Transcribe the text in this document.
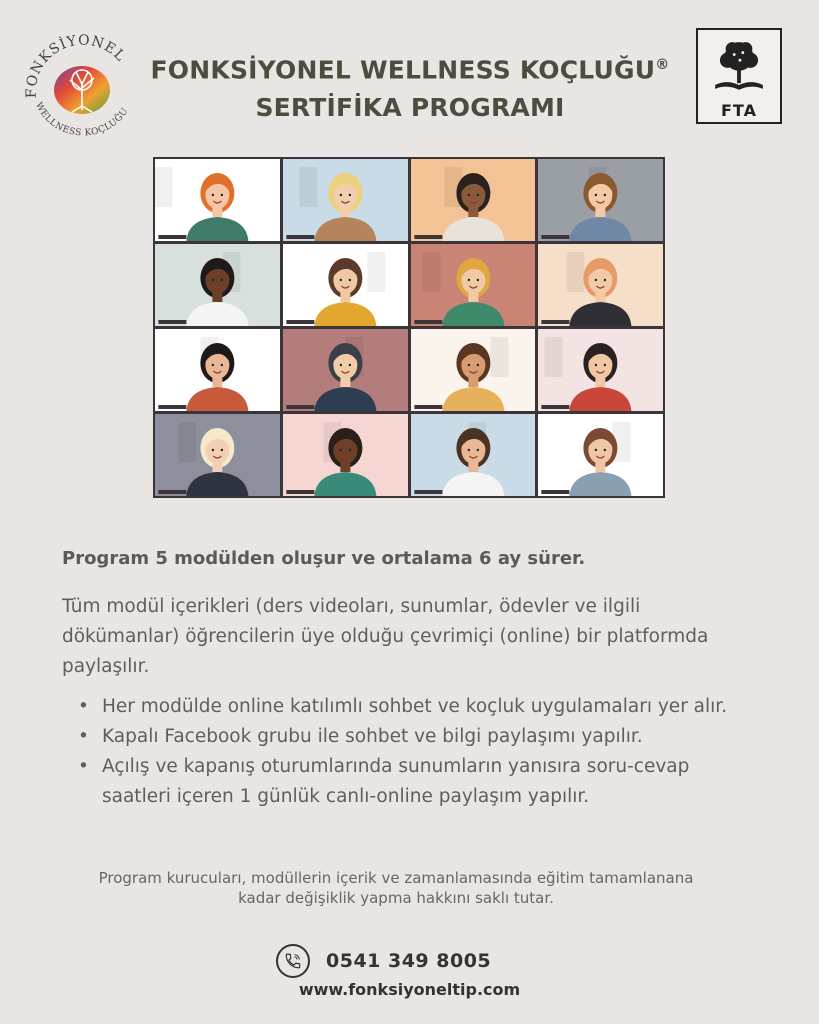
FONKSİYONEL
WELLNESS KOÇLUĞU
FONKSİYONEL WELLNESS KOÇLUĞU®
SERTİFİKA PROGRAMI	FTA
Program 5 modülden oluşur ve ortalama 6 ay sürer.
Tüm modül içerikleri (ders videoları, sunumlar, ödevler ve ilgili dökümanlar) öğrencilerin üye olduğu çevrimiçi (online) bir platformda paylaşılır.
• Her modülde online katılımlı sohbet ve koçluk uygulamaları yer alır.
• Kapalı Facebook grubu ile sohbet ve bilgi paylaşımı yapılır.
• Açılış ve kapanış oturumlarında sunumların yanısıra soru-cevap saatleri içeren 1 günlük canlı-online paylaşım yapılır.
Program kurucuları, modüllerin içerik ve zamanlamasında eğitim tamamlanana kadar değişiklik yapma hakkını saklı tutar.
0541 349 8005
www.fonksiyoneltip.com
